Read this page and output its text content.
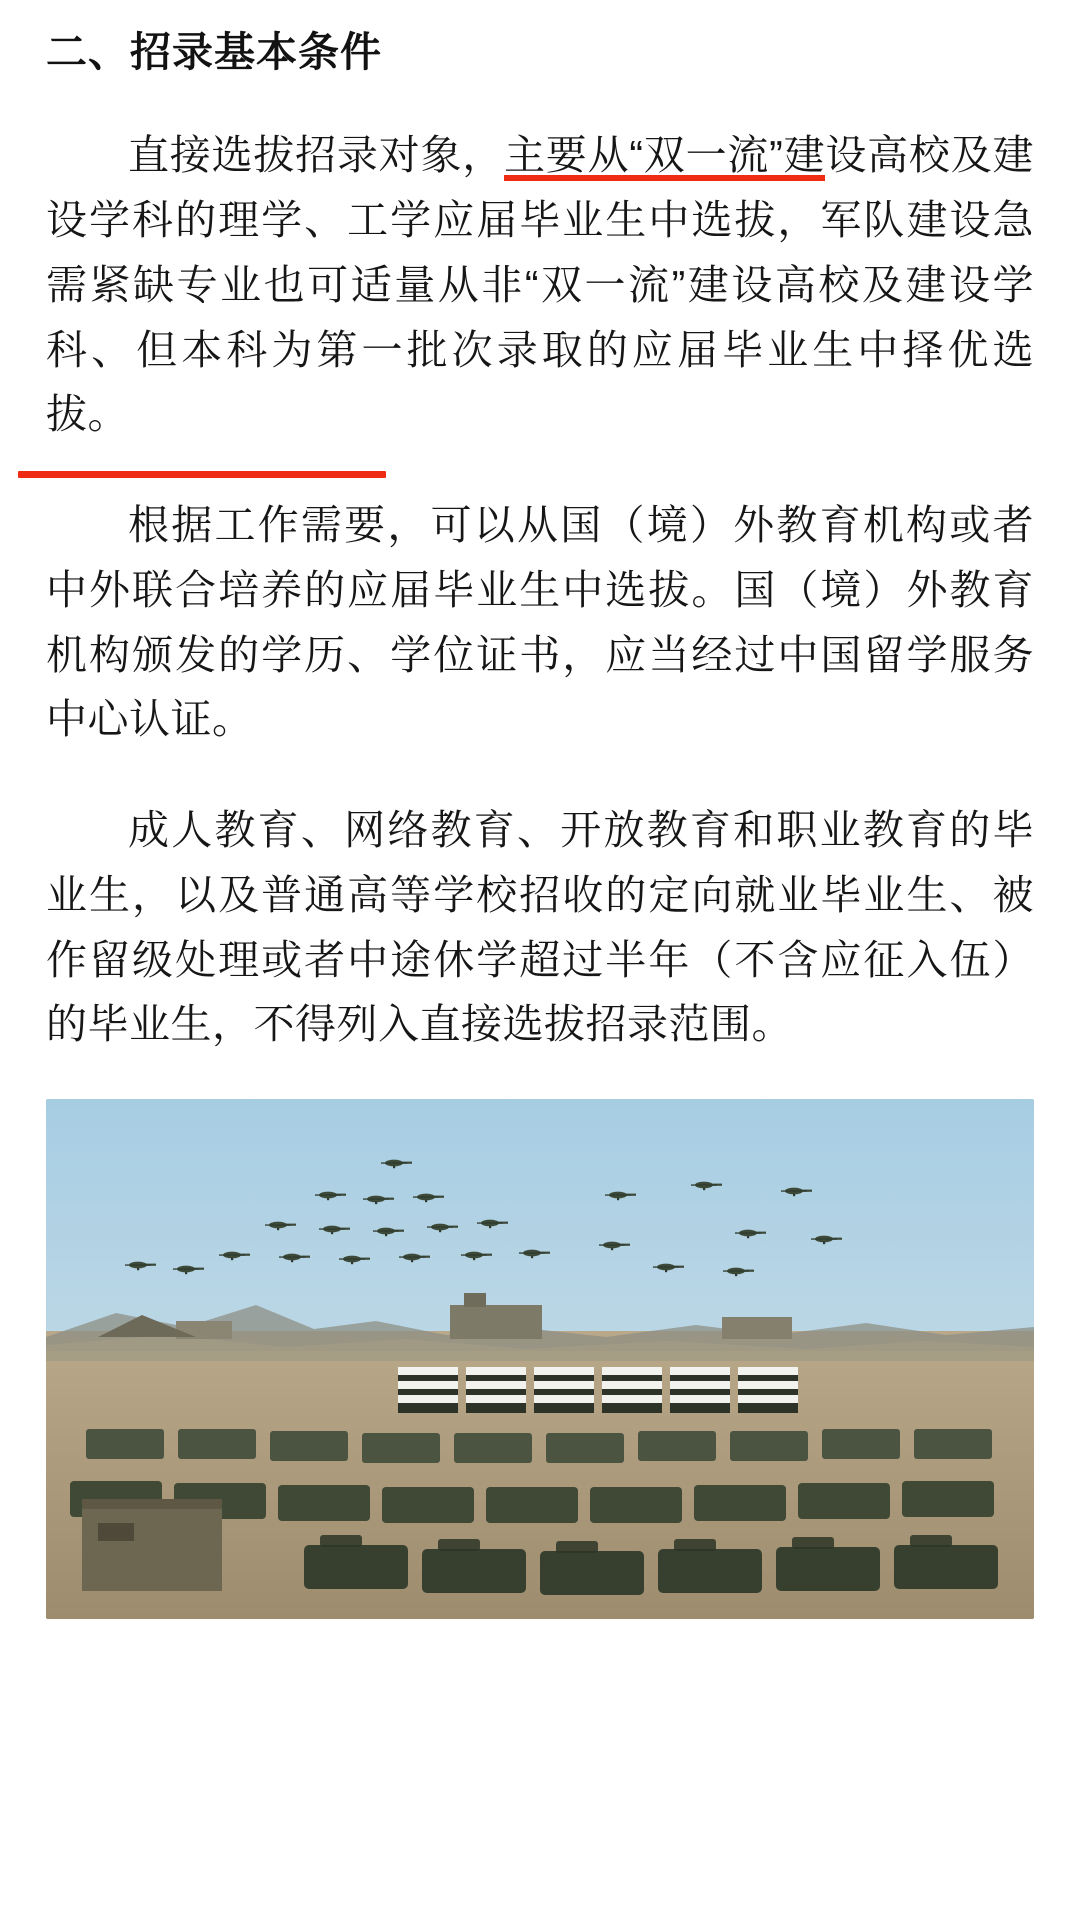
二、招录基本条件

直接选拔招录对象，主要从“双一流”建设高校及建设学科的理学、工学应届毕业生中选拔，军队建设急需紧缺专业也可适量从非“双一流”建设高校及建设学科、但本科为第一批次录取的应届毕业生中择优选拔。

根据工作需要，可以从国（境）外教育机构或者中外联合培养的应届毕业生中选拔。国（境）外教育机构颁发的学历、学位证书，应当经过中国留学服务中心认证。

成人教育、网络教育、开放教育和职业教育的毕业生，以及普通高等学校招收的定向就业毕业生、被作留级处理或者中途休学超过半年（不含应征入伍）的毕业生，不得列入直接选拔招录范围。
